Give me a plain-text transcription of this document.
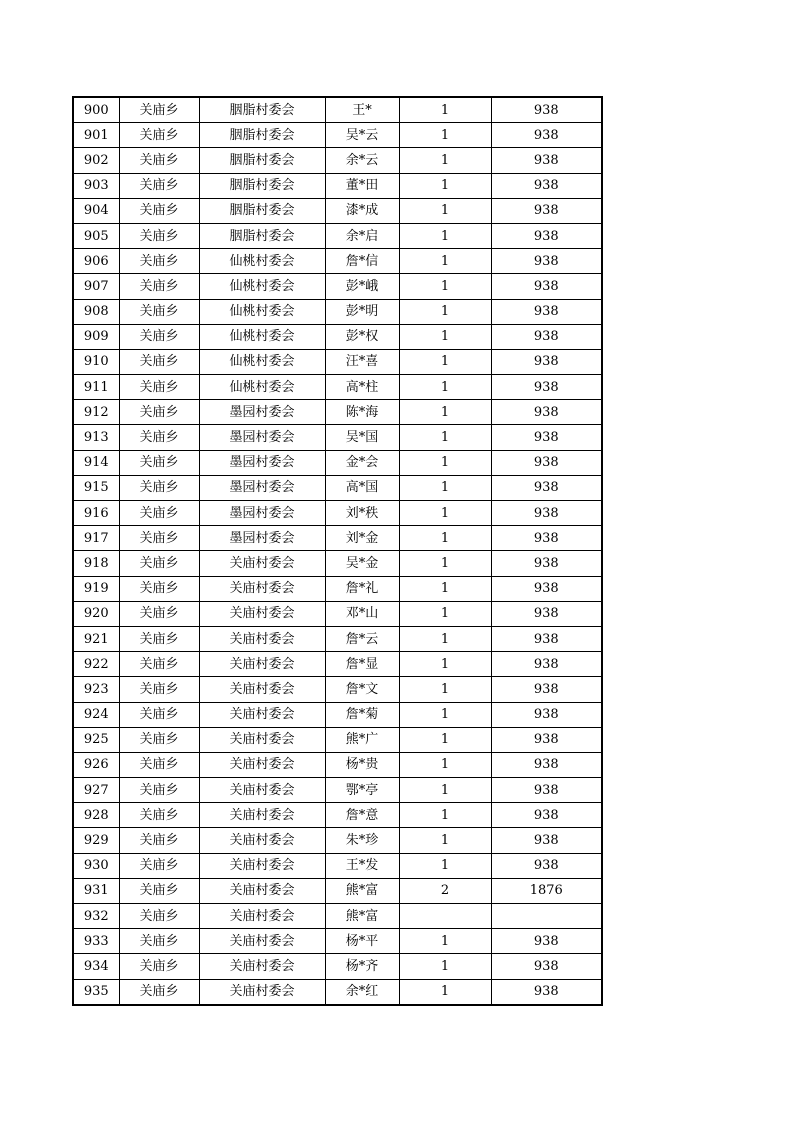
900	关庙乡	胭脂村委会	王*	1	938
901	关庙乡	胭脂村委会	吴*云	1	938
902	关庙乡	胭脂村委会	余*云	1	938
903	关庙乡	胭脂村委会	董*田	1	938
904	关庙乡	胭脂村委会	漆*成	1	938
905	关庙乡	胭脂村委会	余*启	1	938
906	关庙乡	仙桃村委会	詹*信	1	938
907	关庙乡	仙桃村委会	彭*峨	1	938
908	关庙乡	仙桃村委会	彭*明	1	938
909	关庙乡	仙桃村委会	彭*权	1	938
910	关庙乡	仙桃村委会	汪*喜	1	938
911	关庙乡	仙桃村委会	高*柱	1	938
912	关庙乡	墨园村委会	陈*海	1	938
913	关庙乡	墨园村委会	吴*国	1	938
914	关庙乡	墨园村委会	金*会	1	938
915	关庙乡	墨园村委会	高*国	1	938
916	关庙乡	墨园村委会	刘*秩	1	938
917	关庙乡	墨园村委会	刘*金	1	938
918	关庙乡	关庙村委会	吴*金	1	938
919	关庙乡	关庙村委会	詹*礼	1	938
920	关庙乡	关庙村委会	邓*山	1	938
921	关庙乡	关庙村委会	詹*云	1	938
922	关庙乡	关庙村委会	詹*显	1	938
923	关庙乡	关庙村委会	詹*文	1	938
924	关庙乡	关庙村委会	詹*菊	1	938
925	关庙乡	关庙村委会	熊*广	1	938
926	关庙乡	关庙村委会	杨*贵	1	938
927	关庙乡	关庙村委会	鄂*亭	1	938
928	关庙乡	关庙村委会	詹*意	1	938
929	关庙乡	关庙村委会	朱*珍	1	938
930	关庙乡	关庙村委会	王*发	1	938
931	关庙乡	关庙村委会	熊*富	2	1876
932	关庙乡	关庙村委会	熊*富		
933	关庙乡	关庙村委会	杨*平	1	938
934	关庙乡	关庙村委会	杨*齐	1	938
935	关庙乡	关庙村委会	余*红	1	938
